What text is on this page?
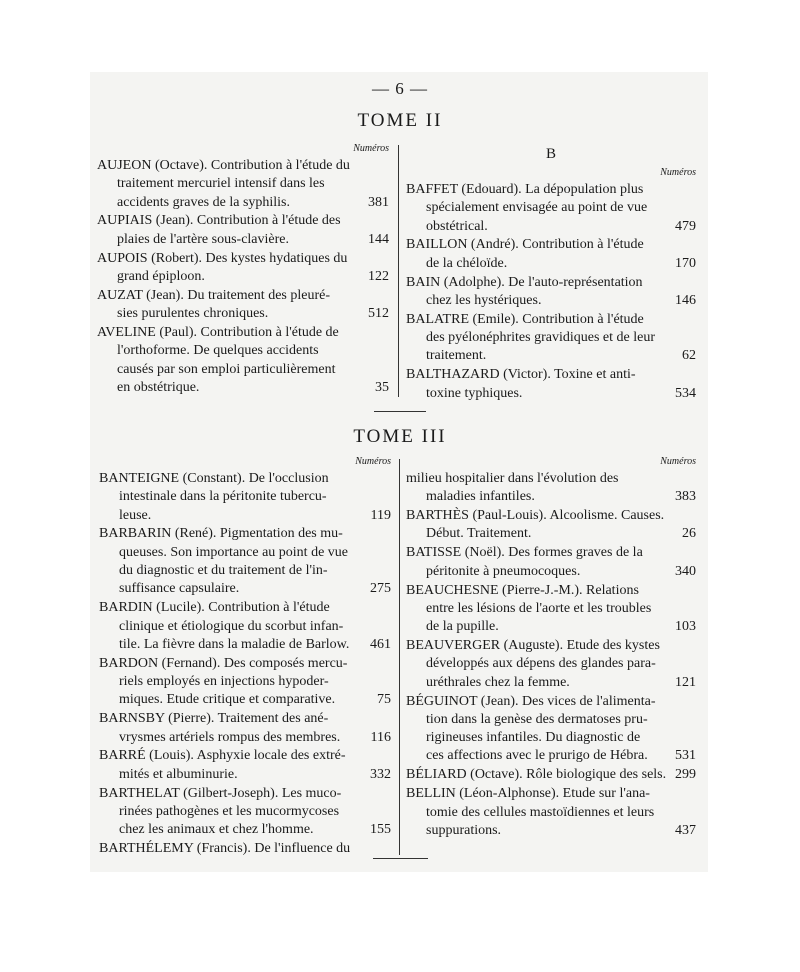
— 6 —
TOME II
Numéros
AUJEON (Octave). Contribution à l'étude du
traitement mercuriel intensif dans les
accidents graves de la syphilis.	381
AUPIAIS (Jean). Contribution à l'étude des
plaies de l'artère sous-clavière.	144
AUPOIS (Robert). Des kystes hydatiques du
grand épiploon.	122
AUZAT (Jean). Du traitement des pleuré-
sies purulentes chroniques.	512
AVELINE (Paul). Contribution à l'étude de
l'orthoforme. De quelques accidents
causés par son emploi particulièrement
en obstétrique.	35
B
Numéros
BAFFET (Edouard). La dépopulation plus
spécialement envisagée au point de vue
obstétrical.	479
BAILLON (André). Contribution à l'étude
de la chéloïde.	170
BAIN (Adolphe). De l'auto-représentation
chez les hystériques.	146
BALATRE (Emile). Contribution à l'étude
des pyélonéphrites gravidiques et de leur
traitement.	62
BALTHAZARD (Victor). Toxine et anti-
toxine typhiques.	534
TOME III
Numéros
BANTEIGNE (Constant). De l'occlusion
intestinale dans la péritonite tubercu-
leuse.	119
BARBARIN (René). Pigmentation des mu-
queuses. Son importance au point de vue
du diagnostic et du traitement de l'in-
suffisance capsulaire.	275
BARDIN (Lucile). Contribution à l'étude
clinique et étiologique du scorbut infan-
tile. La fièvre dans la maladie de Barlow.	461
BARDON (Fernand). Des composés mercu-
riels employés en injections hypoder-
miques. Etude critique et comparative.	75
BARNSBY (Pierre). Traitement des ané-
vrysmes artériels rompus des membres.	116
BARRÉ (Louis). Asphyxie locale des extré-
mités et albuminurie.	332
BARTHELAT (Gilbert-Joseph). Les muco-
rinées pathogènes et les mucormycoses
chez les animaux et chez l'homme.	155
BARTHÉLEMY (Francis). De l'influence du
Numéros
milieu hospitalier dans l'évolution des
maladies infantiles.	383
BARTHÈS (Paul-Louis). Alcoolisme. Causes.
Début. Traitement.	26
BATISSE (Noël). Des formes graves de la
péritonite à pneumocoques.	340
BEAUCHESNE (Pierre-J.-M.). Relations
entre les lésions de l'aorte et les troubles
de la pupille.	103
BEAUVERGER (Auguste). Etude des kystes
développés aux dépens des glandes para-
uréthrales chez la femme.	121
BÉGUINOT (Jean). Des vices de l'alimenta-
tion dans la genèse des dermatoses pru-
rigineuses infantiles. Du diagnostic de
ces affections avec le prurigo de Hébra.	531
BÉLIARD (Octave). Rôle biologique des sels. 299
BELLIN (Léon-Alphonse). Etude sur l'ana-
tomie des cellules mastoïdiennes et leurs
suppurations.	437
